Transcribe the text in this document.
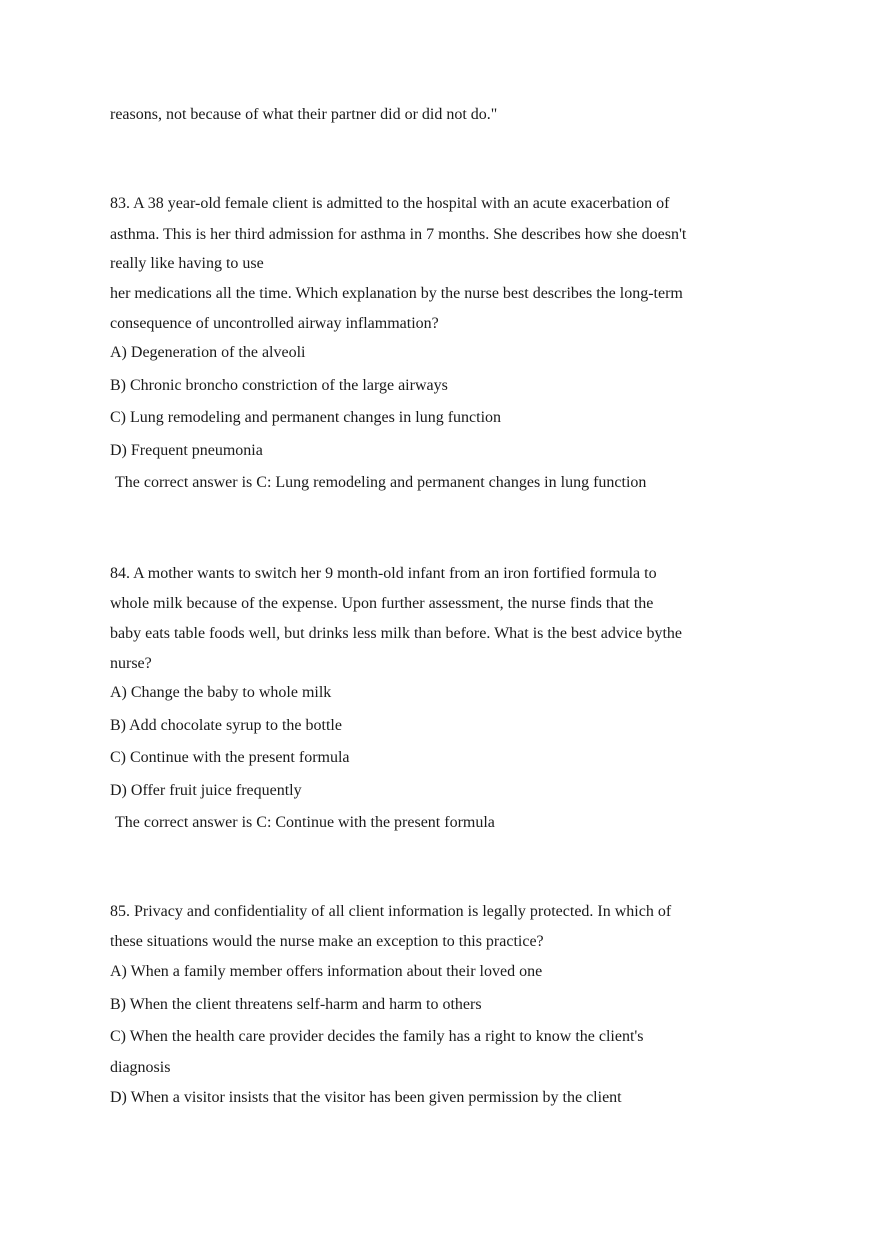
reasons, not because of what their partner did or did not do."
83. A 38 year-old female client is admitted to the hospital with an acute exacerbation of
asthma. This is her third admission for asthma in 7 months. She describes how she doesn't
really like having to use
her medications all the time. Which explanation by the nurse best describes the long-term
consequence of uncontrolled airway inflammation?
A) Degeneration of the alveoli
B) Chronic broncho constriction of the large airways
C) Lung remodeling and permanent changes in lung function
D) Frequent pneumonia
The correct answer is C: Lung remodeling and permanent changes in lung function
84. A mother wants to switch her 9 month-old infant from an iron fortified formula to
whole milk because of the expense. Upon further assessment, the nurse finds that the
baby eats table foods well, but drinks less milk than before. What is the best advice bythe
nurse?
A) Change the baby to whole milk
B) Add chocolate syrup to the bottle
C) Continue with the present formula
D) Offer fruit juice frequently
The correct answer is C: Continue with the present formula
85. Privacy and confidentiality of all client information is legally protected. In which of
these situations would the nurse make an exception to this practice?
A) When a family member offers information about their loved one
B) When the client threatens self-harm and harm to others
C) When the health care provider decides the family has a right to know the client's
diagnosis
D) When a visitor insists that the visitor has been given permission by the client
